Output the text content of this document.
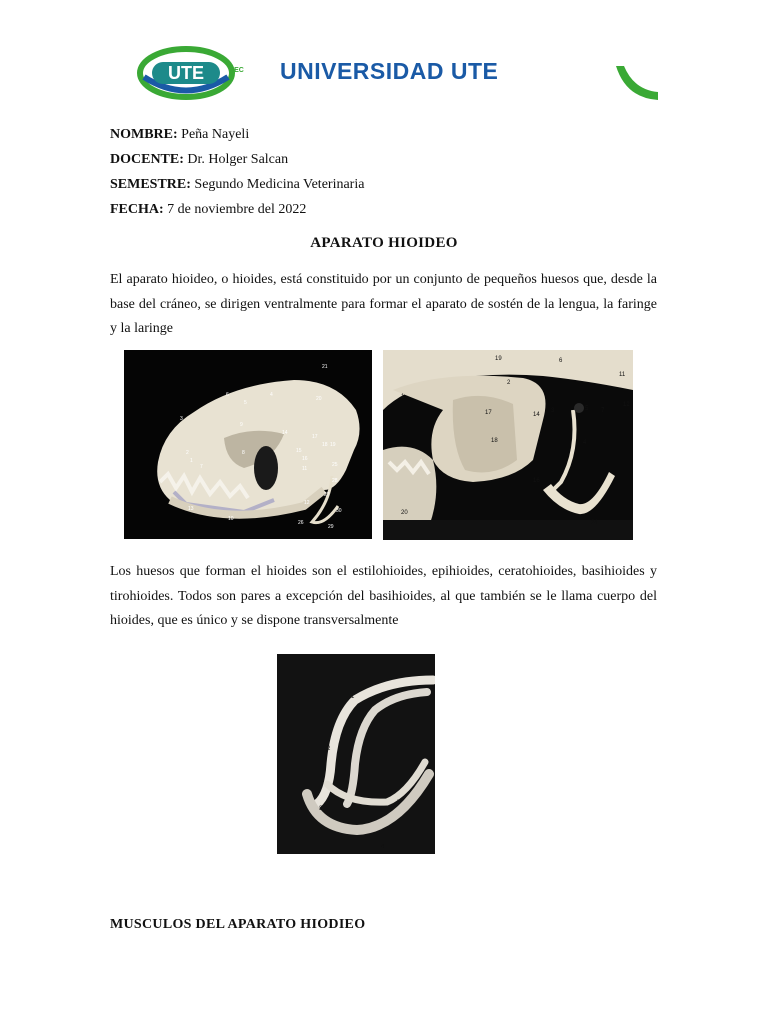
UTE	EC UNIVERSIDAD UTE
NOMBRE: Peña Nayeli
DOCENTE: Dr. Holger Salcan
SEMESTRE: Segundo Medicina Veterinaria
FECHA: 7 de noviembre del 2022
APARATO HIOIDEO
El aparato hioideo, o hioides, está constituido por un conjunto de pequeños huesos que, desde la base del cráneo, se dirigen ventralmente para formar el aparato de sostén de la lengua, la faringe y la laringe
21
4
5
3
20
6
9
14
17
18 19
2	8	15
16
1
7	11
25
28
27
12
13
10
26
30
29
19	6
2
1
17
18
14
3
4
5 7
11
12
16
20
24
Los huesos que forman el hioides son el estilohioides, epihioides, ceratohioides, basihioides y tirohioides. Todos son pares a excepción del basihioides, al que también se le llama cuerpo del hioides, que es único y se dispone transversalmente
1
2
3
4
5
MUSCULOS DEL APARATO HIODIEO
